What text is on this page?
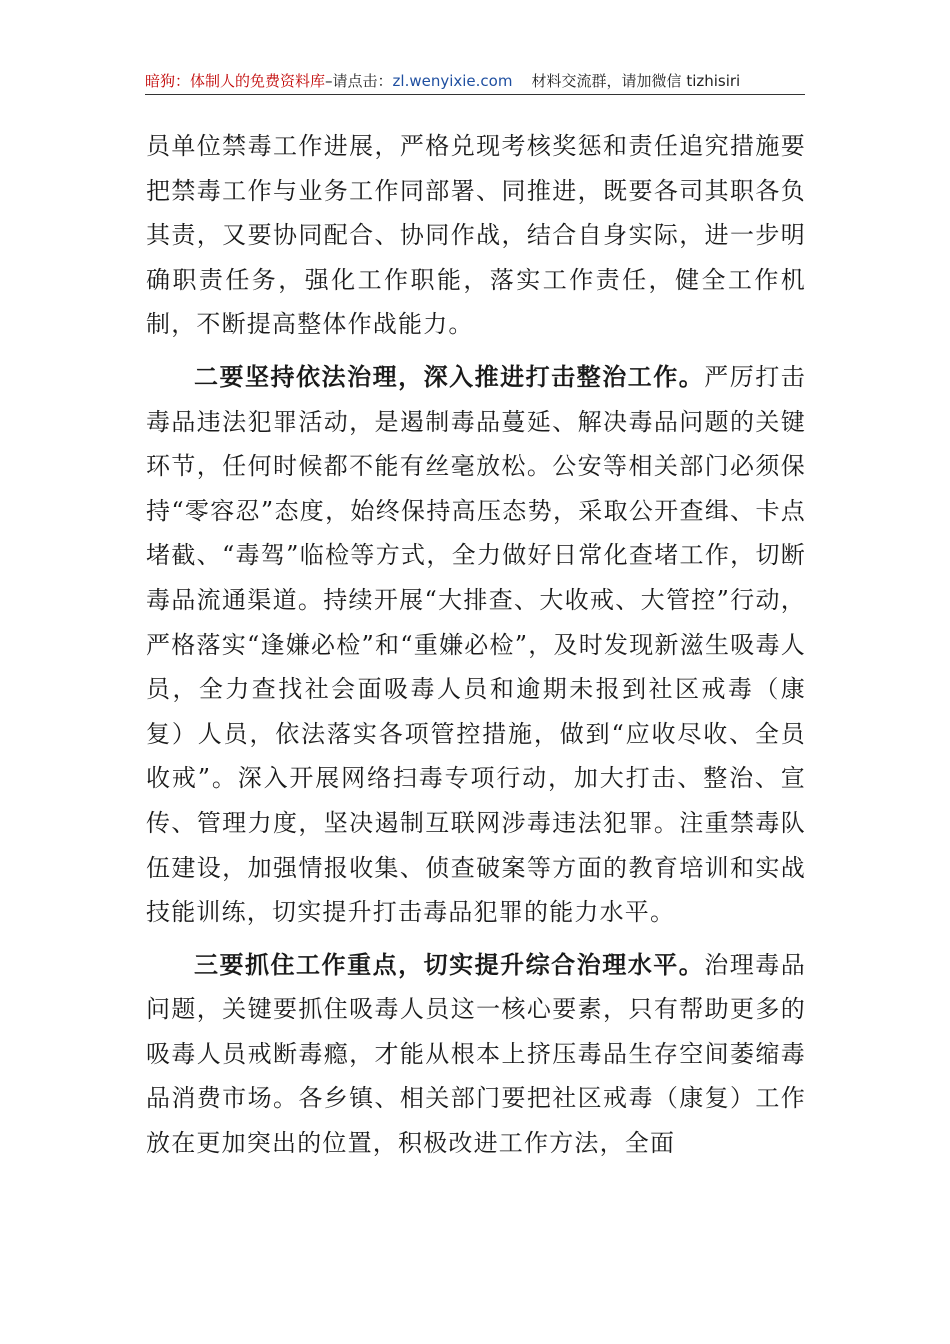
暗狗：体制人的免费资料库–请点击：zl.wenyixie.com 材料交流群，请加微信 tizhisiri

员单位禁毒工作进展，严格兑现考核奖惩和责任追究措施要把禁毒工作与业务工作同部署、同推进，既要各司其职各负其责，又要协同配合、协同作战，结合自身实际，进一步明确职责任务，强化工作职能，落实工作责任，健全工作机制，不断提高整体作战能力。

二要坚持依法治理，深入推进打击整治工作。严厉打击毒品违法犯罪活动，是遏制毒品蔓延、解决毒品问题的关键环节，任何时候都不能有丝毫放松。公安等相关部门必须保持“零容忍”态度，始终保持高压态势，采取公开查缉、卡点堵截、“毒驾”临检等方式，全力做好日常化查堵工作，切断毒品流通渠道。持续开展“大排查、大收戒、大管控”行动，严格落实“逢嫌必检”和“重嫌必检”，及时发现新滋生吸毒人员，全力查找社会面吸毒人员和逾期未报到社区戒毒（康复）人员，依法落实各项管控措施，做到“应收尽收、全员收戒”。深入开展网络扫毒专项行动，加大打击、整治、宣传、管理力度，坚决遏制互联网涉毒违法犯罪。注重禁毒队伍建设，加强情报收集、侦查破案等方面的教育培训和实战技能训练，切实提升打击毒品犯罪的能力水平。

三要抓住工作重点，切实提升综合治理水平。治理毒品问题，关键要抓住吸毒人员这一核心要素，只有帮助更多的吸毒人员戒断毒瘾，才能从根本上挤压毒品生存空间萎缩毒品消费市场。各乡镇、相关部门要把社区戒毒（康复）工作放在更加突出的位置，积极改进工作方法，全面
